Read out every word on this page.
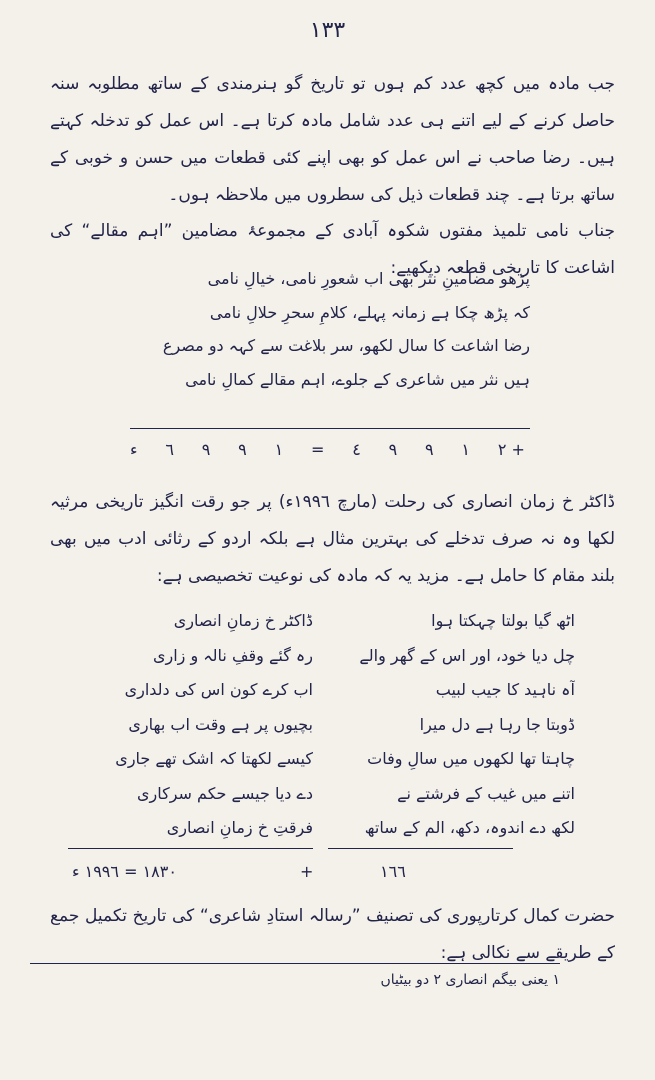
١٣٣
جب مادہ میں کچھ عدد کم ہوں تو تاریخ گو ہنرمندی کے ساتھ مطلوبہ سنہ حاصل کرنے کے لیے اتنے ہی عدد شامل مادہ کرتا ہے۔ اس عمل کو تدخلہ کہتے ہیں۔ رضا صاحب نے اس عمل کو بھی اپنے کئی قطعات میں حسن و خوبی کے ساتھ برتا ہے۔ چند قطعات ذیل کی سطروں میں ملاحظہ ہوں۔
جناب نامی تلمیذ مفتوں شکوہ آبادی کے مجموعۂ مضامین ”اہم مقالے“ کی اشاعت کا تاریخی قطعہ دیکھیے:

پڑھو مضامینِ نثر بھی اب شعورِ نامی، خیالِ نامی

کہ پڑھ چکا ہے زمانہ پہلے، کلامِ سحرِ حلالِ نامی

رضا اشاعت کا سال لکھو، سر بلاغت سے کہہ دو مصرع

ہیں نثر میں شاعری کے جلوے، اہم مقالے کمالِ نامی

ء ٦ ٩ ٩ ١ = ٤ ٩ ٩ ١ ٢ +
ڈاکٹر خ زمان انصاری کی رحلت (مارچ ١٩٩٦ء) پر جو رقت انگیز تاریخی مرثیہ لکھا وہ نہ صرف تدخلے کی بہترین مثال ہے بلکہ اردو کے رثائی ادب میں بھی بلند مقام کا حامل ہے۔ مزید یہ کہ مادہ کی نوعیت تخصیصی ہے:

اٹھ گیا بولتا چہکتا ہوا

چل دیا خود، اور اس کے گھر والے

آہ ناہید کا جیب لبیب

ڈوبتا جا رہا ہے دل میرا

چاہتا تھا لکھوں میں سالِ وفات

اتنے میں غیب کے فرشتے نے

لکھ دے اندوہ، دکھ، الم کے ساتھ

ڈاکٹر خ زمانِ انصاری

رہ گئے وقفِ نالہ و زاری

اب کرے کون اس کی دلداری

بچیوں پر ہے وقت اب بھاری

کیسے لکھتا کہ اشک تھے جاری

دے دیا جیسے حکم سرکاری

فرقتِ خ زمانِ انصاری

+	١٦٦
١٨٣٠ = ١٩٩٦ ء
حضرت کمال کرتارپوری کی تصنیف ”رسالہ استادِ شاعری“ کی تاریخ تکمیل جمع کے طریقے سے نکالی ہے:
١ یعنی بیگم انصاری ٢ دو بیٹیاں
